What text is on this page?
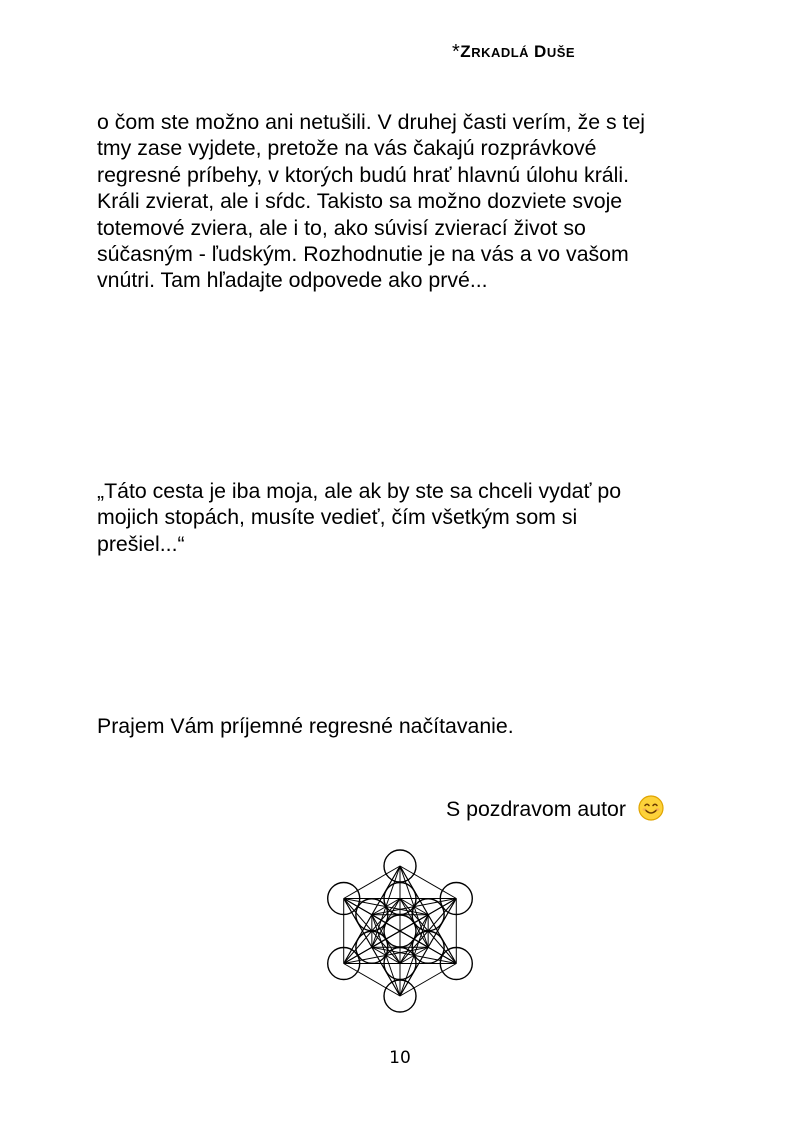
*ZRKADLÁ DUŠE
o čom ste možno ani netušili. V druhej časti verím, že s tej
tmy zase vyjdete, pretože na vás čakajú rozprávkové
regresné príbehy, v ktorých budú hrať hlavnú úlohu králi.
Králi zvierat, ale i sŕdc. Takisto sa možno dozviete svoje
totemové zviera, ale i to, ako súvisí zvierací život so
súčasným - ľudským. Rozhodnutie je na vás a vo vašom
vnútri. Tam hľadajte odpovede ako prvé...
„Táto cesta je iba moja, ale ak by ste sa chceli vydať po
mojich stopách, musíte vedieť, čím všetkým som si
prešiel...“
Prajem Vám príjemné regresné načítavanie.
S pozdravom autor
10
